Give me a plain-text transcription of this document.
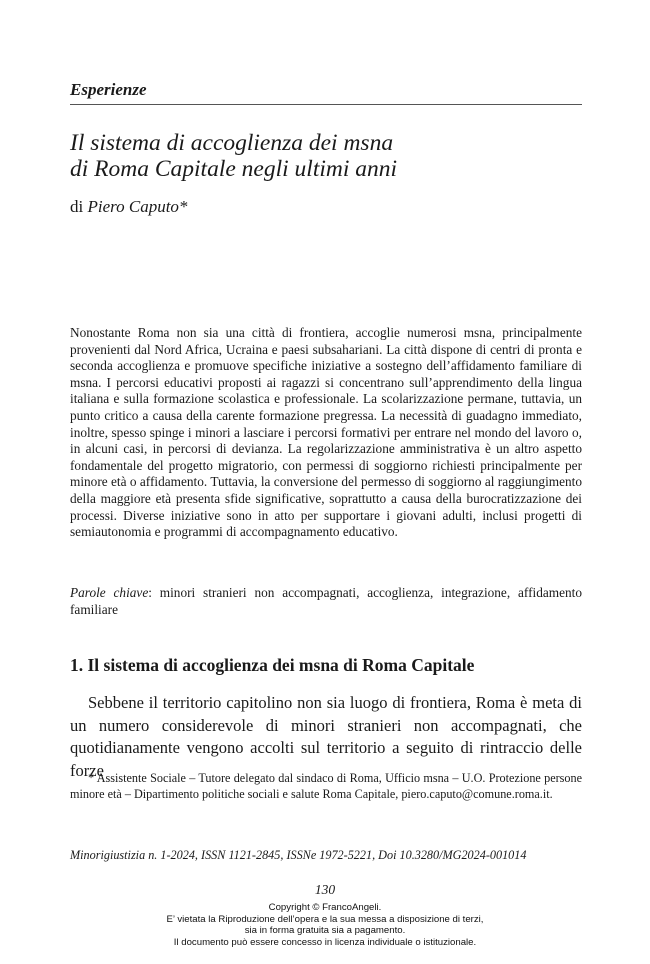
Esperienze
Il sistema di accoglienza dei msna
di Roma Capitale negli ultimi anni
di Piero Caputo*

Nonostante Roma non sia una città di frontiera, accoglie numerosi msna, principalmente provenienti dal Nord Africa, Ucraina e paesi subsahariani. La città dispone di centri di pronta e seconda accoglienza e promuove specifiche iniziative a sostegno dell’affidamento familiare di msna. I percorsi educativi proposti ai ragazzi si concentrano sull’apprendimento della lingua italiana e sulla formazione scolastica e professionale. La scolarizzazione permane, tuttavia, un punto critico a causa della carente formazione pregressa. La necessità di guadagno immediato, inoltre, spesso spinge i minori a lasciare i percorsi formativi per entrare nel mondo del lavoro o, in alcuni casi, in percorsi di devianza. La regolarizzazione amministrativa è un altro aspetto fondamentale del progetto migratorio, con permessi di soggiorno richiesti principalmente per minore età o affidamento. Tuttavia, la conversione del permesso di soggiorno al raggiungimento della maggiore età presenta sfide significative, soprattutto a causa della burocratizzazione dei processi. Diverse iniziative sono in atto per supportare i giovani adulti, inclusi progetti di semiautonomia e programmi di accompagnamento educativo.

Parole chiave: minori stranieri non accompagnati, accoglienza, integrazione, affidamento familiare

1. Il sistema di accoglienza dei msna di Roma Capitale

Sebbene il territorio capitolino non sia luogo di frontiera, Roma è meta di un numero considerevole di minori stranieri non accompagnati, che quotidianamente vengono accolti sul territorio a seguito di rintraccio delle forze

* Assistente Sociale – Tutore delegato dal sindaco di Roma, Ufficio msna – U.O. Protezione persone minore età – Dipartimento politiche sociali e salute Roma Capitale, piero.caputo@comune.roma.it.

Minorigiustizia n. 1-2024, ISSN 1121-2845, ISSNe 1972-5221, Doi 10.3280/MG2024-001014
130
Copyright © FrancoAngeli.
E’ vietata la Riproduzione dell’opera e la sua messa a disposizione di terzi,
sia in forma gratuita sia a pagamento.
Il documento può essere concesso in licenza individuale o istituzionale.
